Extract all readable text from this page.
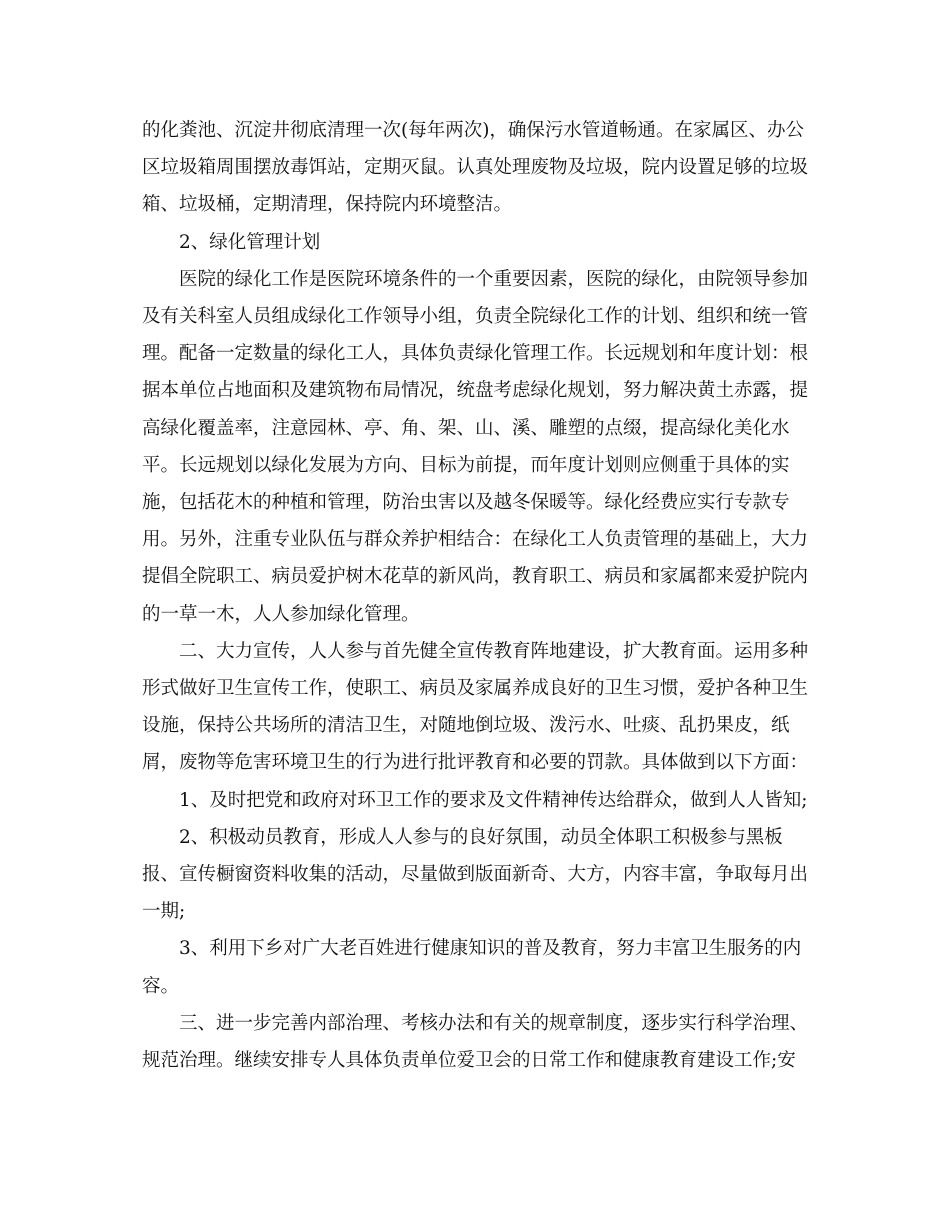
的化粪池、沉淀井彻底清理一次(每年两次)，确保污水管道畅通。在家属区、办公区垃圾箱周围摆放毒饵站，定期灭鼠。认真处理废物及垃圾，院内设置足够的垃圾箱、垃圾桶，定期清理，保持院内环境整洁。

2、绿化管理计划

医院的绿化工作是医院环境条件的一个重要因素，医院的绿化，由院领导参加及有关科室人员组成绿化工作领导小组，负责全院绿化工作的计划、组织和统一管理。配备一定数量的绿化工人，具体负责绿化管理工作。长远规划和年度计划：根据本单位占地面积及建筑物布局情况，统盘考虑绿化规划，努力解决黄土赤露，提高绿化覆盖率，注意园林、亭、角、架、山、溪、雕塑的点缀，提高绿化美化水平。长远规划以绿化发展为方向、目标为前提，而年度计划则应侧重于具体的实施，包括花木的种植和管理，防治虫害以及越冬保暖等。绿化经费应实行专款专用。另外，注重专业队伍与群众养护相结合：在绿化工人负责管理的基础上，大力提倡全院职工、病员爱护树木花草的新风尚，教育职工、病员和家属都来爱护院内的一草一木，人人参加绿化管理。

二、大力宣传，人人参与首先健全宣传教育阵地建设，扩大教育面。运用多种形式做好卫生宣传工作，使职工、病员及家属养成良好的卫生习惯，爱护各种卫生设施，保持公共场所的清洁卫生，对随地倒垃圾、泼污水、吐痰、乱扔果皮，纸屑，废物等危害环境卫生的行为进行批评教育和必要的罚款。具体做到以下方面：

1、及时把党和政府对环卫工作的要求及文件精神传达给群众，做到人人皆知;

2、积极动员教育，形成人人参与的良好氛围，动员全体职工积极参与黑板报、宣传橱窗资料收集的活动，尽量做到版面新奇、大方，内容丰富，争取每月出一期;

3、利用下乡对广大老百姓进行健康知识的普及教育，努力丰富卫生服务的内容。

三、进一步完善内部治理、考核办法和有关的规章制度，逐步实行科学治理、规范治理。继续安排专人具体负责单位爱卫会的日常工作和健康教育建设工作;安
